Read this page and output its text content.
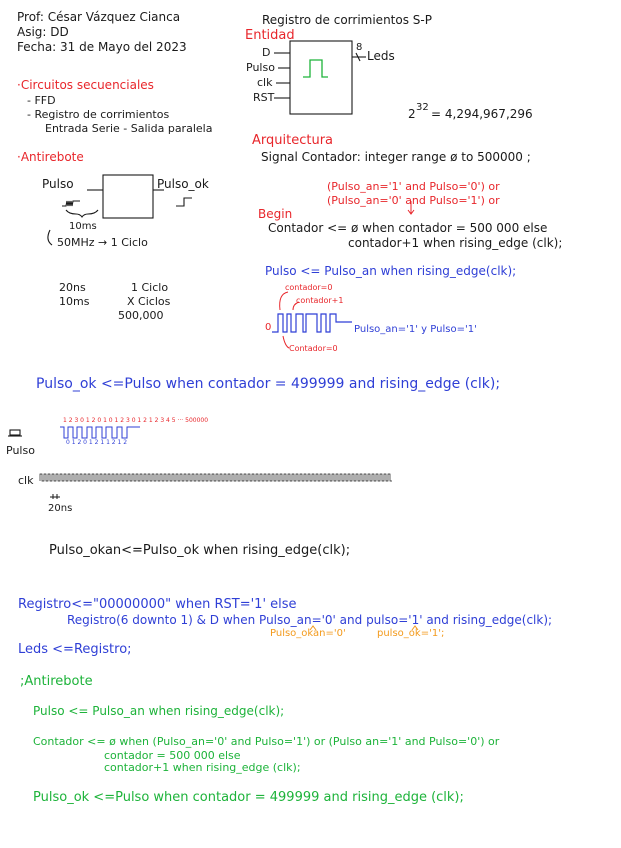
Prof: César Vázquez Cianca
Asig: DD
Fecha: 31 de Mayo del 2023
·Circuitos secuenciales
- FFD
- Registro de corrimientos
Entrada Serie - Salida paralela
·Antirebote
Registro de corrimientos S-P
Entidad
D
Pulso
clk
RST
Leds
8
2 32 = 4,294,967,296
Pulso	Pulso_ok
10ms
50MHz → 1 Ciclo
20ns	1 Ciclo
10ms	X Ciclos
500,000
Arquitectura
Signal Contador: integer range ø to 500000 ;
(Pulso_an='1' and Pulso='0') or
(Pulso_an='0' and Pulso='1') or
Begin
Contador <= ø when contador = 500 000 else
contador+1 when rising_edge (clk);
Pulso <= Pulso_an when rising_edge(clk);
contador=0
contador+1
Pulso_an='1' y Pulso='1'
0
Contador=0
Pulso_ok <=Pulso when contador = 499999 and rising_edge (clk);
1 2 3 0 1 2 0 1 0 1 2 3 0 1 2 1 2 3 4 5 ··· 500000
0 1 2 0 1 2 1 1 2 1 2
Pulso
clk
20ns
Pulso_okan<=Pulso_ok when rising_edge(clk);
Registro<="00000000" when RST='1' else
Registro(6 downto 1) & D when Pulso_an='0' and pulso='1' and rising_edge(clk);
Pulso_okan='0'	pulso_ok='1';
Leds <=Registro;
;Antirebote
Pulso <= Pulso_an when rising_edge(clk);
Contador <= ø when (Pulso_an='0' and Pulso='1') or (Pulso an='1' and Pulso='0') or
contador = 500 000 else
contador+1 when rising_edge (clk);
Pulso_ok <=Pulso when contador = 499999 and rising_edge (clk);
